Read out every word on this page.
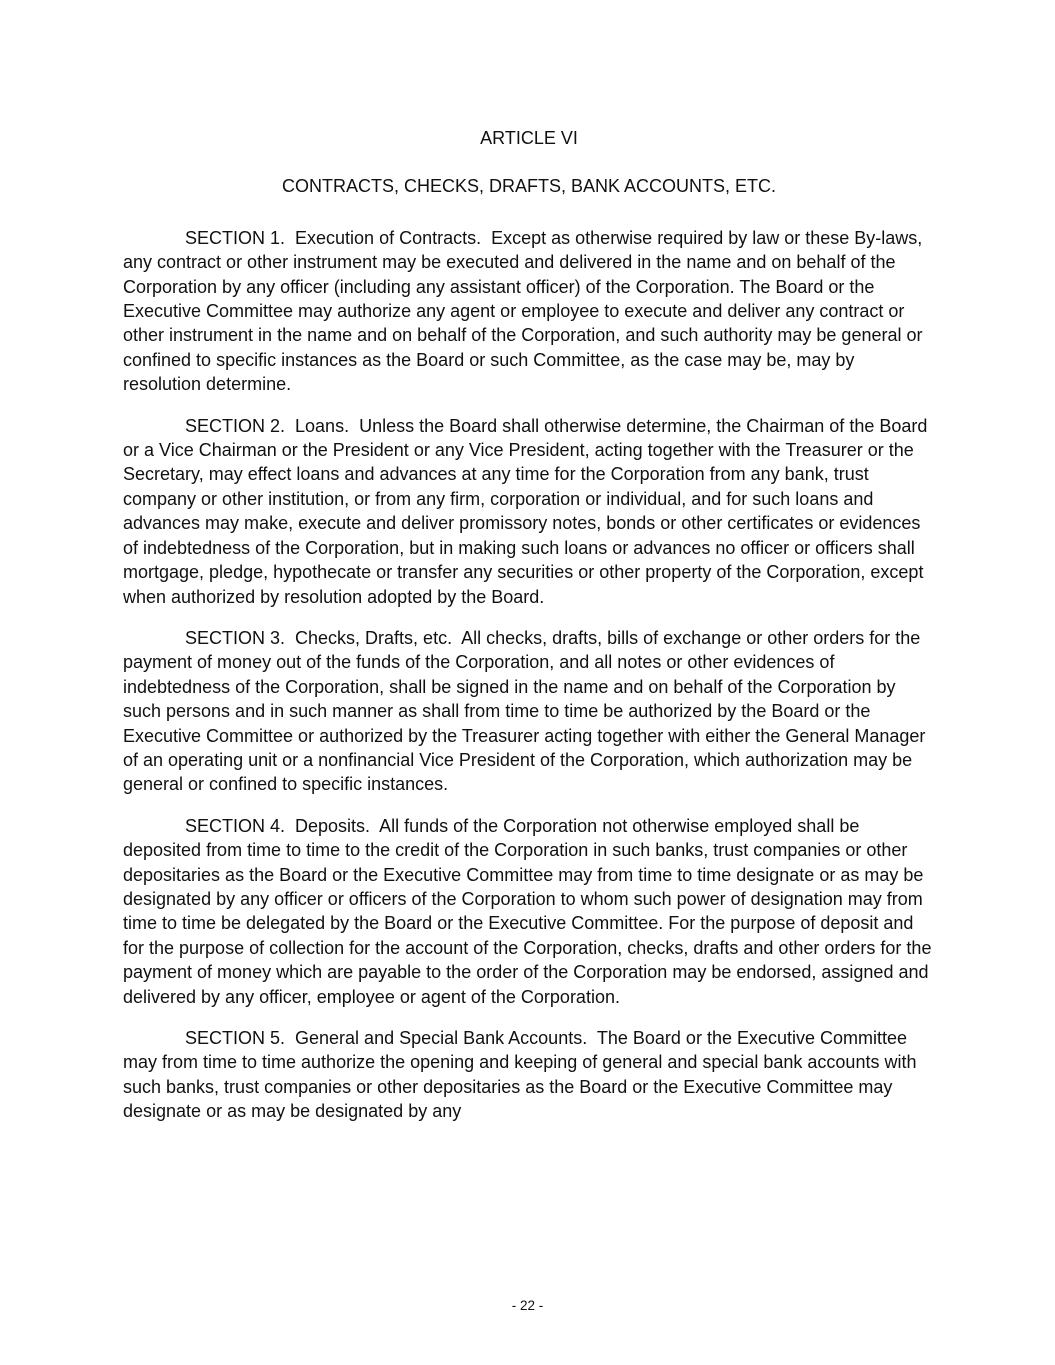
ARTICLE VI
CONTRACTS, CHECKS, DRAFTS, BANK ACCOUNTS, ETC.

SECTION 1.  Execution of Contracts.  Except as otherwise required by law or these By-laws, any contract or other instrument may be executed and delivered in the name and on behalf of the Corporation by any officer (including any assistant officer) of the Corporation. The Board or the Executive Committee may authorize any agent or employee to execute and deliver any contract or other instrument in the name and on behalf of the Corporation, and such authority may be general or confined to specific instances as the Board or such Committee, as the case may be, may by resolution determine.

SECTION 2.  Loans.  Unless the Board shall otherwise determine, the Chairman of the Board or a Vice Chairman or the President or any Vice President, acting together with the Treasurer or the Secretary, may effect loans and advances at any time for the Corporation from any bank, trust company or other institution, or from any firm, corporation or individual, and for such loans and advances may make, execute and deliver promissory notes, bonds or other certificates or evidences of indebtedness of the Corporation, but in making such loans or advances no officer or officers shall mortgage, pledge, hypothecate or transfer any securities or other property of the Corporation, except when authorized by resolution adopted by the Board.

SECTION 3.  Checks, Drafts, etc.  All checks, drafts, bills of exchange or other orders for the payment of money out of the funds of the Corporation, and all notes or other evidences of indebtedness of the Corporation, shall be signed in the name and on behalf of the Corporation by such persons and in such manner as shall from time to time be authorized by the Board or the Executive Committee or authorized by the Treasurer acting together with either the General Manager of an operating unit or a nonfinancial Vice President of the Corporation, which authorization may be general or confined to specific instances.

SECTION 4.  Deposits.  All funds of the Corporation not otherwise employed shall be deposited from time to time to the credit of the Corporation in such banks, trust companies or other depositaries as the Board or the Executive Committee may from time to time designate or as may be designated by any officer or officers of the Corporation to whom such power of designation may from time to time be delegated by the Board or the Executive Committee. For the purpose of deposit and for the purpose of collection for the account of the Corporation, checks, drafts and other orders for the payment of money which are payable to the order of the Corporation may be endorsed, assigned and delivered by any officer, employee or agent of the Corporation.

SECTION 5.  General and Special Bank Accounts.  The Board or the Executive Committee may from time to time authorize the opening and keeping of general and special bank accounts with such banks, trust companies or other depositaries as the Board or the Executive Committee may designate or as may be designated by any

- 22 -
